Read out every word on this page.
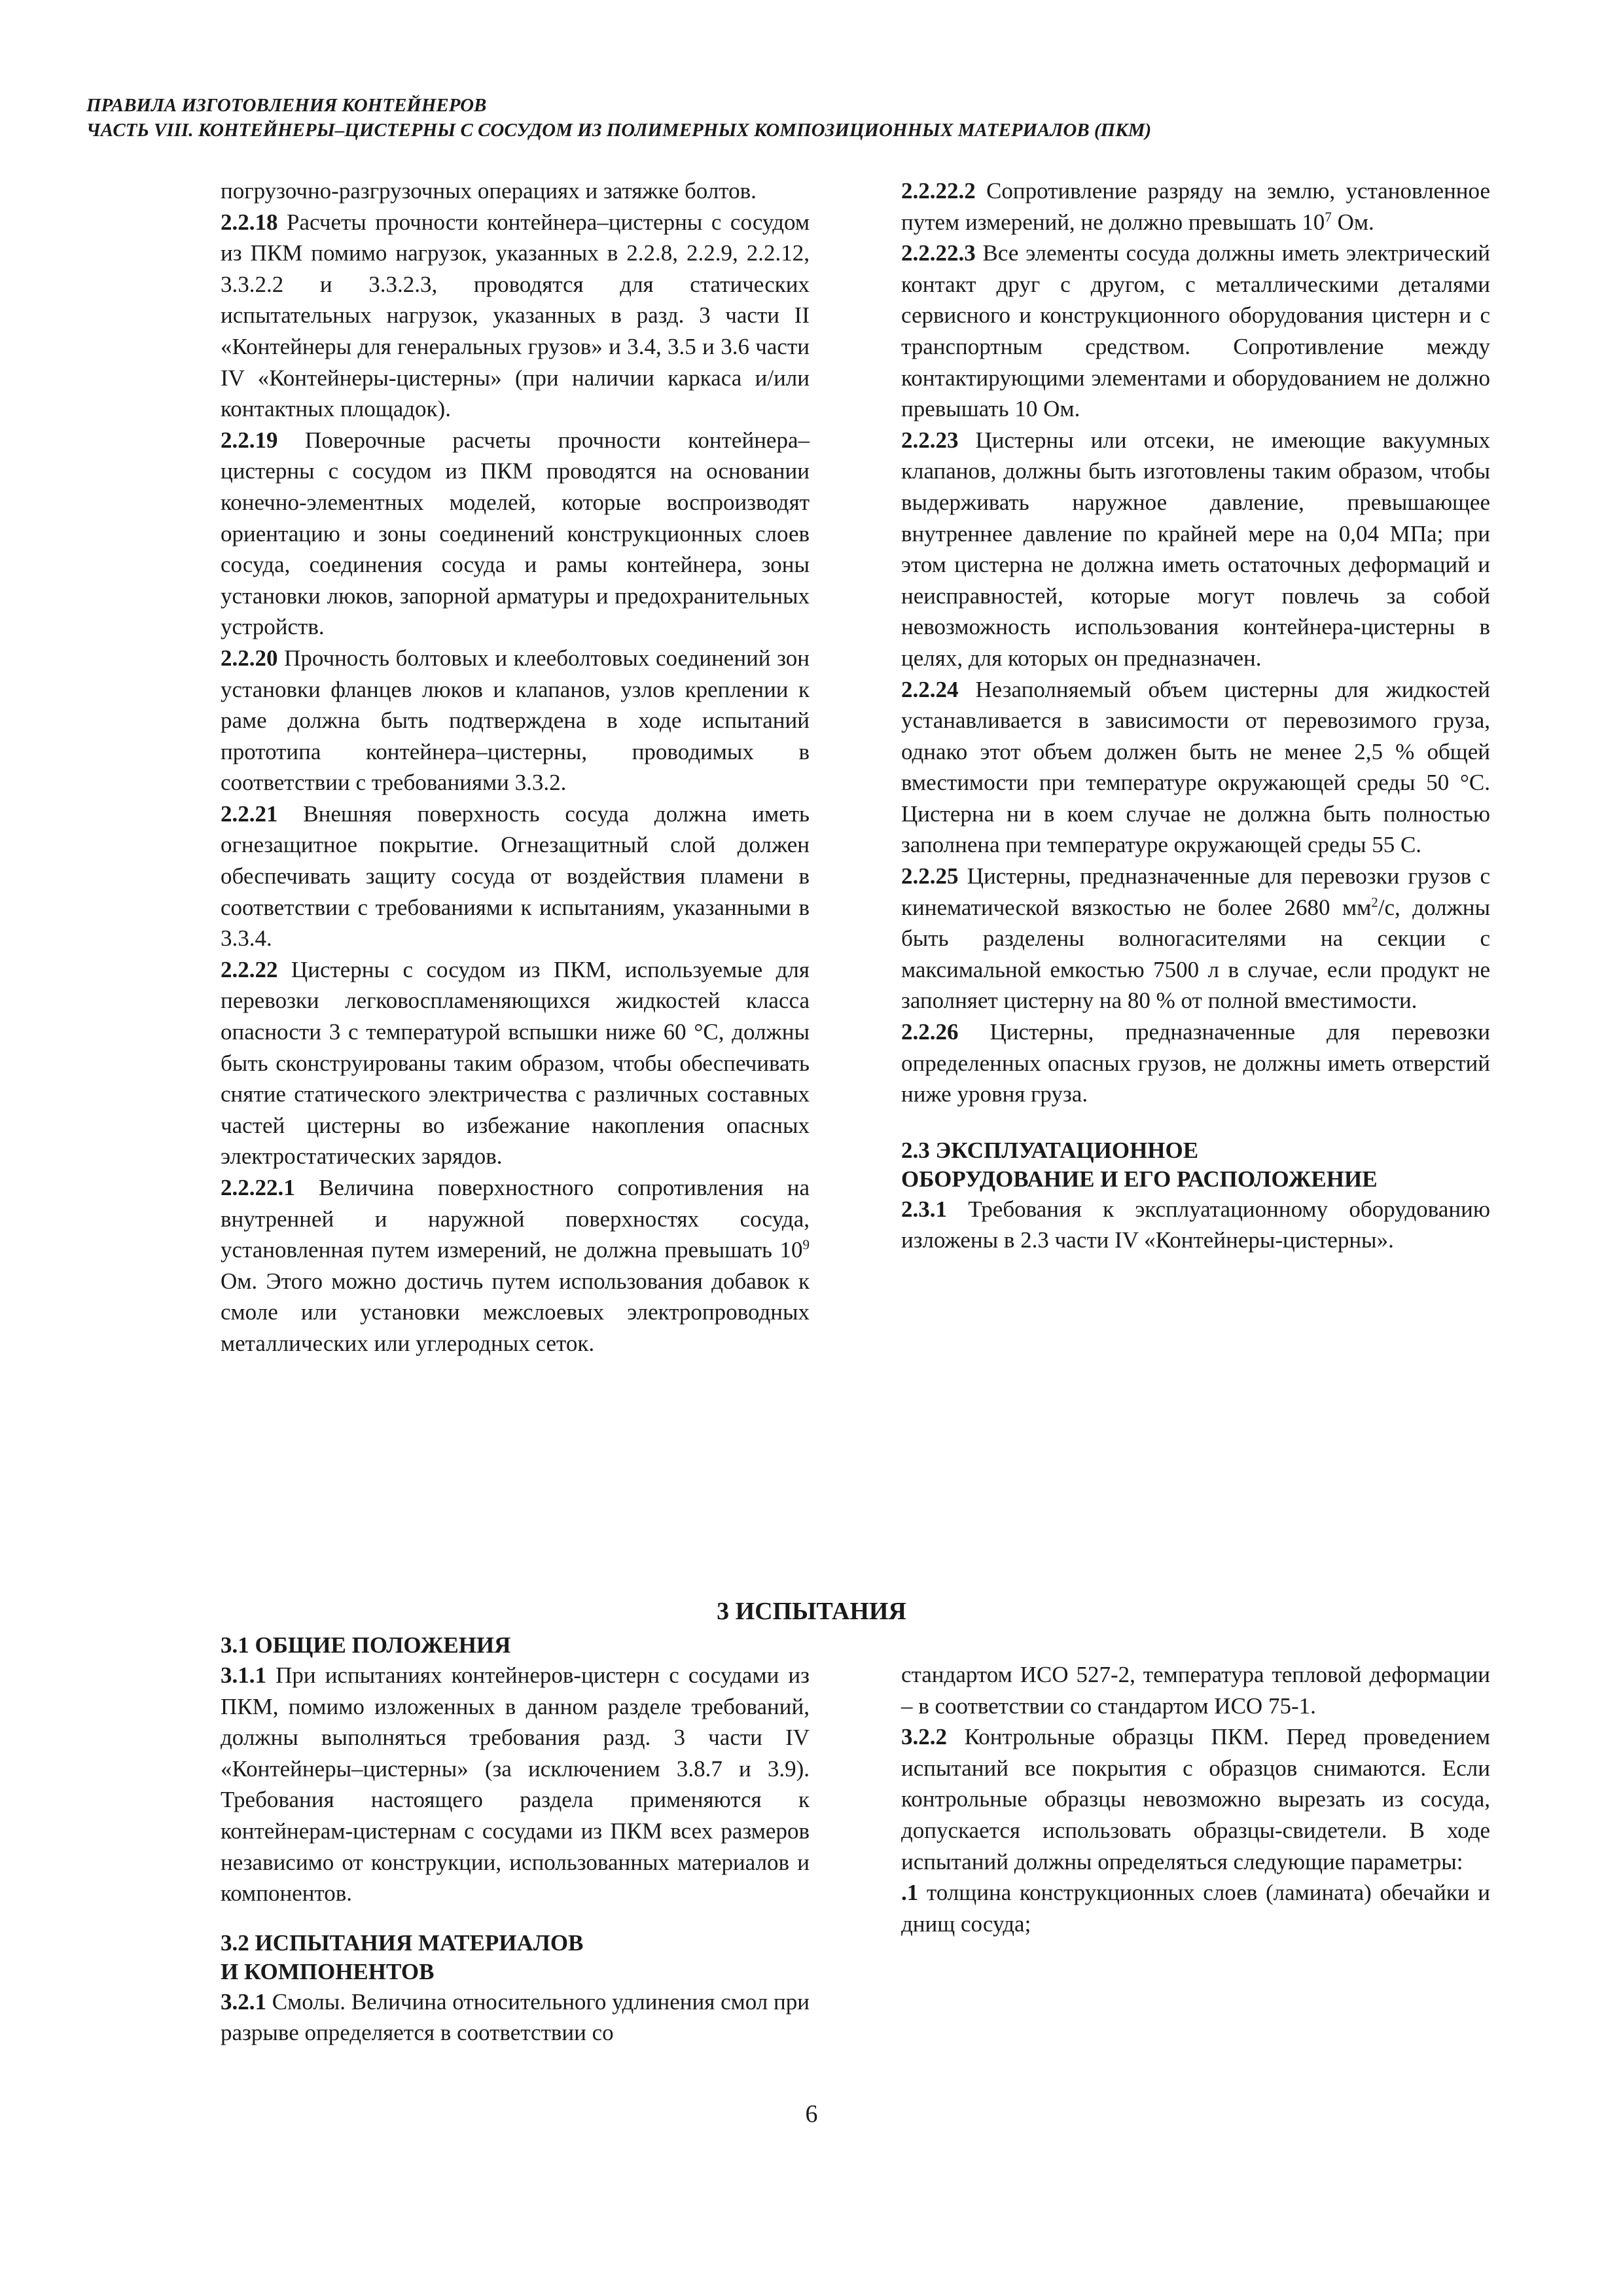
ПРАВИЛА ИЗГОТОВЛЕНИЯ КОНТЕЙНЕРОВ
ЧАСТЬ VIII. КОНТЕЙНЕРЫ–ЦИСТЕРНЫ С СОСУДОМ ИЗ ПОЛИМЕРНЫХ КОМПОЗИЦИОННЫХ МАТЕРИАЛОВ (ПКМ)

погрузочно-разгрузочных операциях и затяжке болтов.

2.2.18 Расчеты прочности контейнера–цистерны с сосудом из ПКМ помимо нагрузок, указанных в 2.2.8, 2.2.9, 2.2.12, 3.3.2.2 и 3.3.2.3, проводятся для статических испытательных нагрузок, указанных в разд. 3 части II «Контейнеры для генеральных грузов» и 3.4, 3.5 и 3.6 части IV «Контейнеры-цистерны» (при наличии каркаса и/или контактных площадок).

2.2.19 Поверочные расчеты прочности контейнера–цистерны с сосудом из ПКМ проводятся на основании конечно-элементных моделей, которые воспроизводят ориентацию и зоны соединений конструкционных слоев сосуда, соединения сосуда и рамы контейнера, зоны установки люков, запорной арматуры и предохранительных устройств.

2.2.20 Прочность болтовых и клееболтовых соединений зон установки фланцев люков и клапанов, узлов креплении к раме должна быть подтверждена в ходе испытаний прототипа контейнера–цистерны, проводимых в соответствии с требованиями 3.3.2.

2.2.21 Внешняя поверхность сосуда должна иметь огнезащитное покрытие. Огнезащитный слой должен обеспечивать защиту сосуда от воздействия пламени в соответствии с требованиями к испытаниям, указанными в 3.3.4.

2.2.22 Цистерны с сосудом из ПКМ, используемые для перевозки легковоспламеняющихся жидкостей класса опасности 3 с температурой вспышки ниже 60 °С, должны быть сконструированы таким образом, чтобы обеспечивать снятие статического электричества с различных составных частей цистерны во избежание накопления опасных электростатических зарядов.

2.2.22.1 Величина поверхностного сопротивления на внутренней и наружной поверхностях сосуда, установленная путем измерений, не должна превышать $10^9$ Ом. Этого можно достичь путем использования добавок к смоле или установки межслоевых электропроводных металлических или углеродных сеток.

2.2.22.2 Сопротивление разряду на землю, установленное путем измерений, не должно превышать $10^7$ Ом.

2.2.22.3 Все элементы сосуда должны иметь электрический контакт друг с другом, с металлическими деталями сервисного и конструкционного оборудования цистерн и с транспортным средством. Сопротивление между контактирующими элементами и оборудованием не должно превышать 10 Ом.

2.2.23 Цистерны или отсеки, не имеющие вакуумных клапанов, должны быть изготовлены таким образом, чтобы выдерживать наружное давление, превышающее внутреннее давление по крайней мере на 0,04 МПа; при этом цистерна не должна иметь остаточных деформаций и неисправностей, которые могут повлечь за собой невозможность использования контейнера-цистерны в целях, для которых он предназначен.

2.2.24 Незаполняемый объем цистерны для жидкостей устанавливается в зависимости от перевозимого груза, однако этот объем должен быть не менее 2,5 % общей вместимости при температуре окружающей среды 50 °С. Цистерна ни в коем случае не должна быть полностью заполнена при температуре окружающей среды 55 С.

2.2.25 Цистерны, предназначенные для перевозки грузов с кинематической вязкостью не более 2680 $мм^2/с$, должны быть разделены волногасителями на секции с максимальной емкостью 7500 л в случае, если продукт не заполняет цистерну на 80 % от полной вместимости.

2.2.26 Цистерны, предназначенные для перевозки определенных опасных грузов, не должны иметь отверстий ниже уровня груза.

2.3 ЭКСПЛУАТАЦИОННОЕ
ОБОРУДОВАНИЕ И ЕГО РАСПОЛОЖЕНИЕ

2.3.1 Требования к эксплуатационному оборудованию изложены в 2.3 части IV «Контейнеры-цистерны».

3 ИСПЫТАНИЯ

3.1 ОБЩИЕ ПОЛОЖЕНИЯ

3.1.1 При испытаниях контейнеров-цистерн с сосудами из ПКМ, помимо изложенных в данном разделе требований, должны выполняться требования разд. 3 части IV «Контейнеры–цистерны» (за исключением 3.8.7 и 3.9). Требования настоящего раздела применяются к контейнерам-цистернам с сосудами из ПКМ всех размеров независимо от конструкции, использованных материалов и компонентов.

3.2 ИСПЫТАНИЯ МАТЕРИАЛОВ
И КОМПОНЕНТОВ

3.2.1 Смолы. Величина относительного удлинения смол при разрыве определяется в соответствии со

стандартом ИСО 527-2, температура тепловой деформации – в соответствии со стандартом ИСО 75-1.

3.2.2 Контрольные образцы ПКМ. Перед проведением испытаний все покрытия с образцов снимаются. Если контрольные образцы невозможно вырезать из сосуда, допускается использовать образцы-свидетели. В ходе испытаний должны определяться следующие параметры:

.1 толщина конструкционных слоев (ламината) обечайки и днищ сосуда;

6
